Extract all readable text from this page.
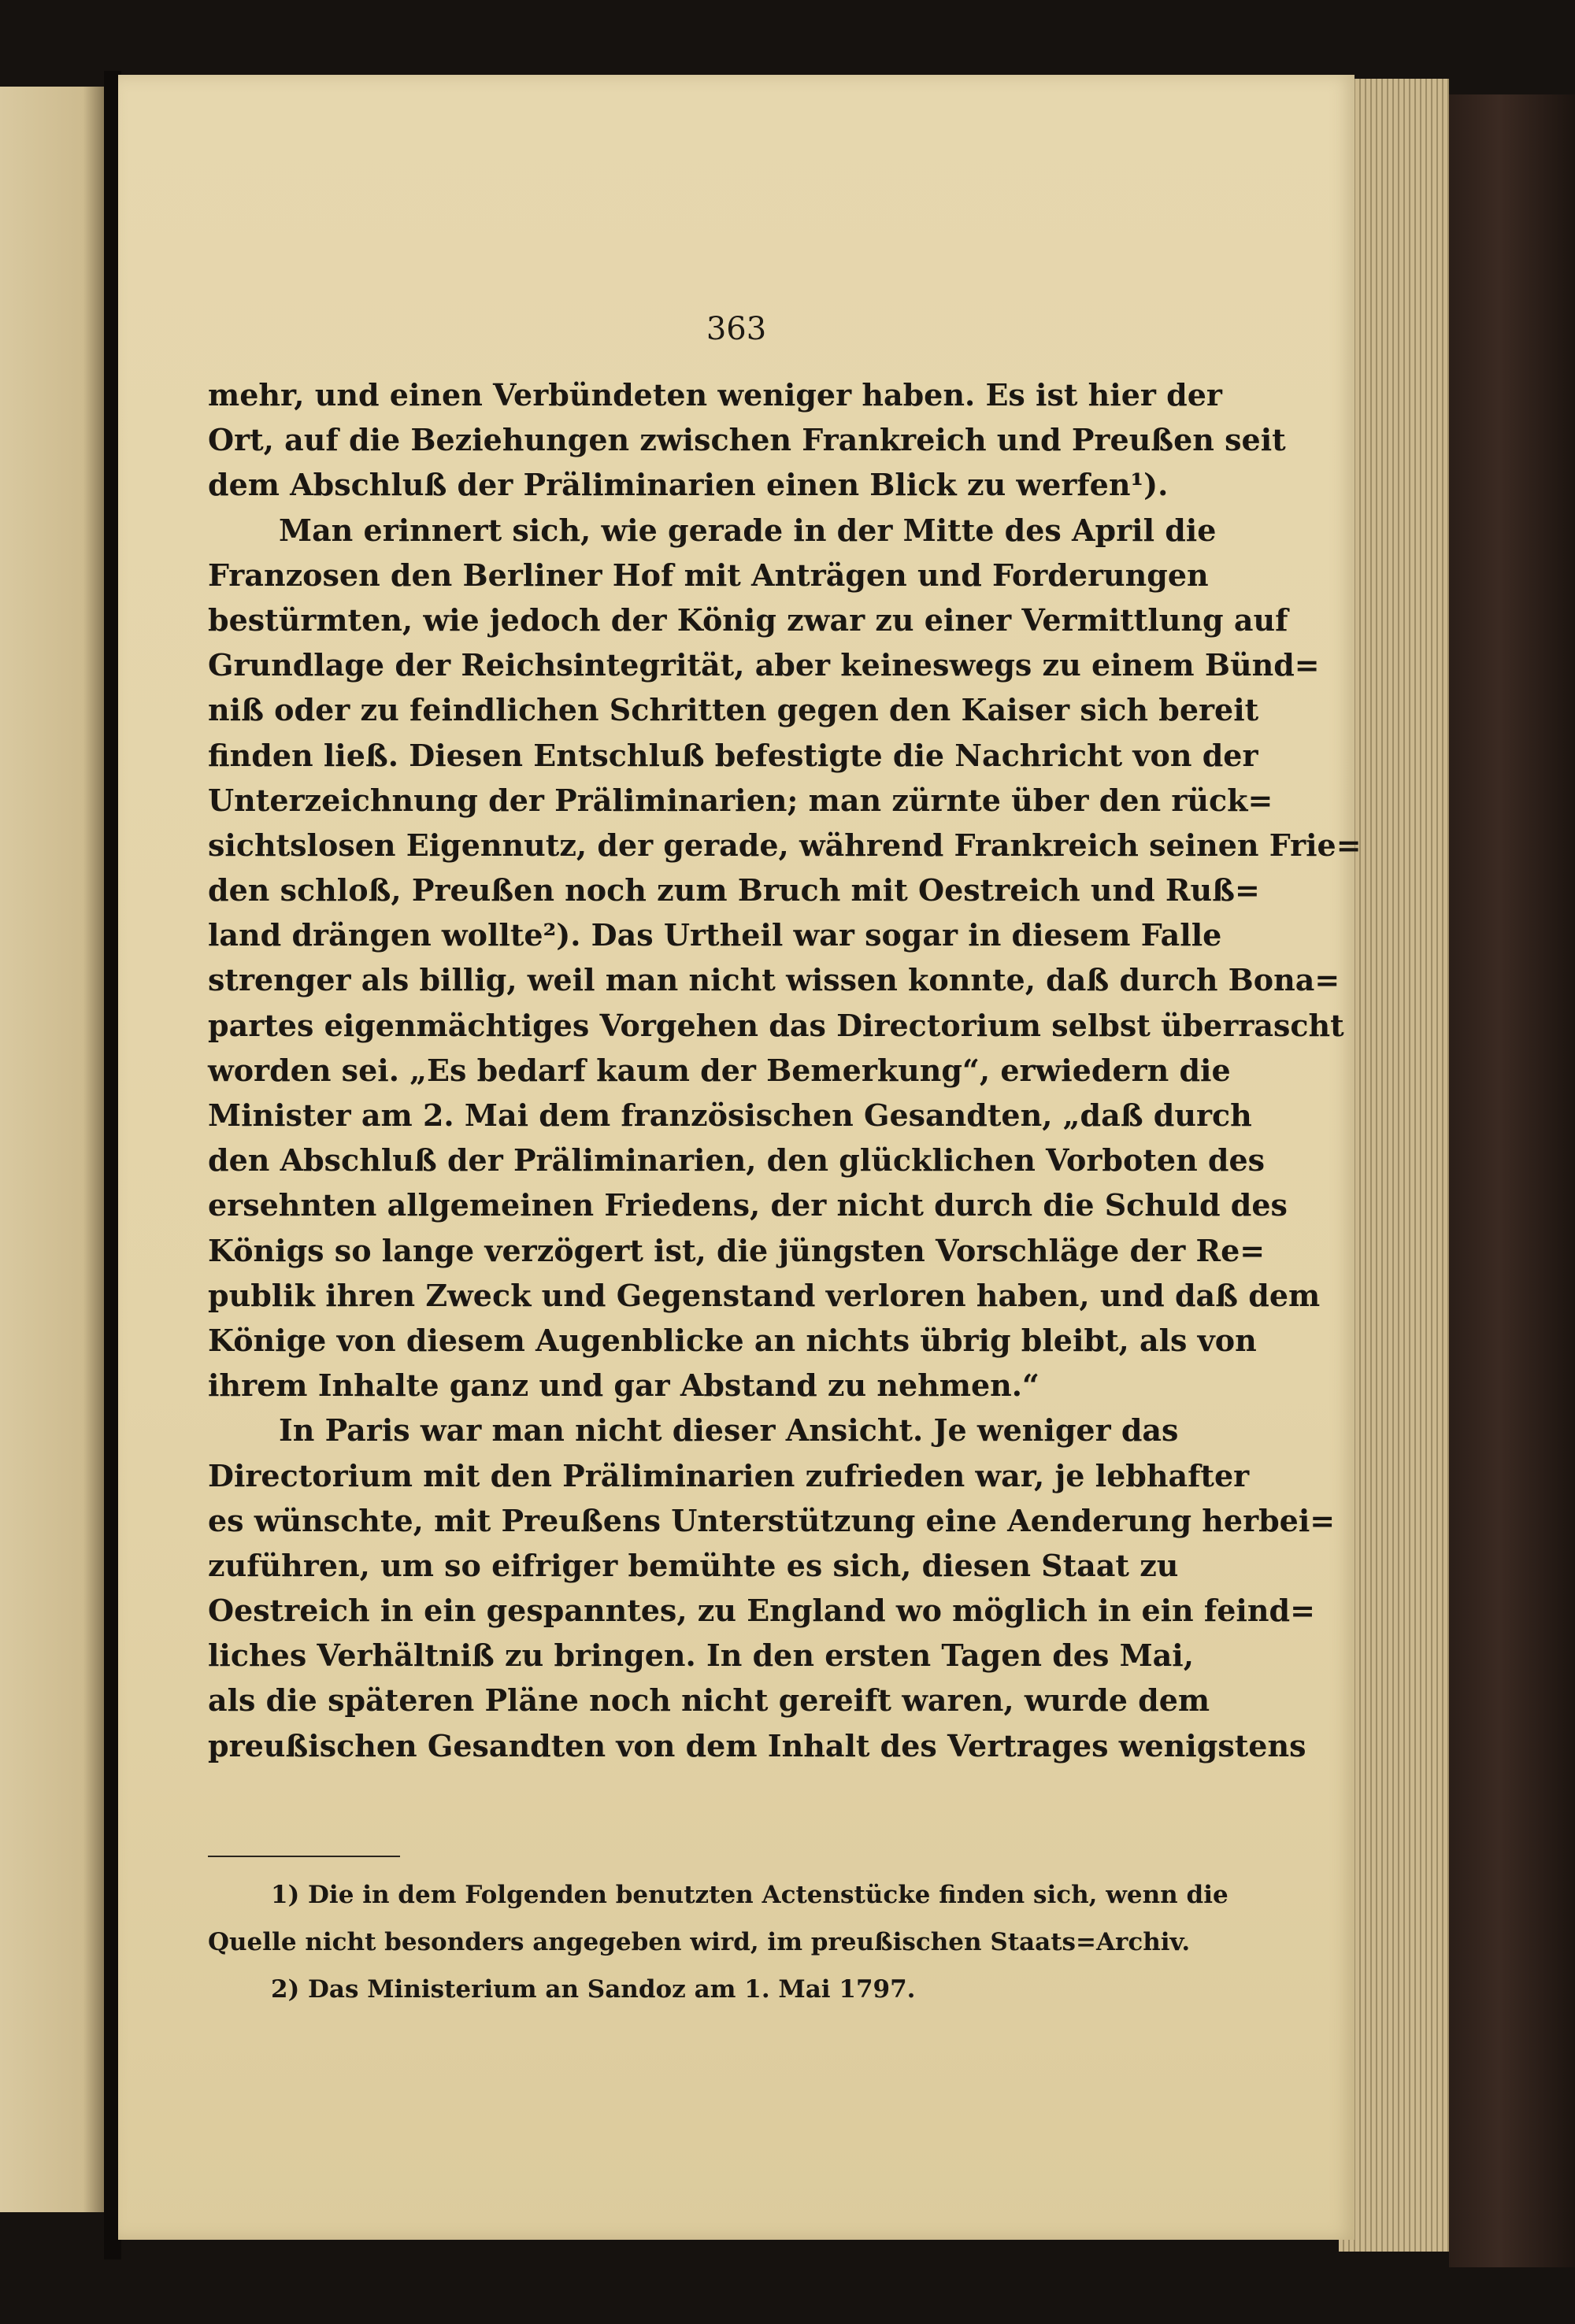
363
mehr, und einen Verbündeten weniger haben. Es ist hier der
Ort, auf die Beziehungen zwischen Frankreich und Preußen seit
dem Abschluß der Präliminarien einen Blick zu werfen¹).
Man erinnert sich, wie gerade in der Mitte des April die
Franzosen den Berliner Hof mit Anträgen und Forderungen
bestürmten, wie jedoch der König zwar zu einer Vermittlung auf
Grundlage der Reichsintegrität, aber keineswegs zu einem Bünd=
niß oder zu feindlichen Schritten gegen den Kaiser sich bereit
finden ließ. Diesen Entschluß befestigte die Nachricht von der
Unterzeichnung der Präliminarien; man zürnte über den rück=
sichtslosen Eigennutz, der gerade, während Frankreich seinen Frie=
den schloß, Preußen noch zum Bruch mit Oestreich und Ruß=
land drängen wollte²). Das Urtheil war sogar in diesem Falle
strenger als billig, weil man nicht wissen konnte, daß durch Bona=
partes eigenmächtiges Vorgehen das Directorium selbst überrascht
worden sei. „Es bedarf kaum der Bemerkung“, erwiedern die
Minister am 2. Mai dem französischen Gesandten, „daß durch
den Abschluß der Präliminarien, den glücklichen Vorboten des
ersehnten allgemeinen Friedens, der nicht durch die Schuld des
Königs so lange verzögert ist, die jüngsten Vorschläge der Re=
publik ihren Zweck und Gegenstand verloren haben, und daß dem
Könige von diesem Augenblicke an nichts übrig bleibt, als von
ihrem Inhalte ganz und gar Abstand zu nehmen.“
In Paris war man nicht dieser Ansicht. Je weniger das
Directorium mit den Präliminarien zufrieden war, je lebhafter
es wünschte, mit Preußens Unterstützung eine Aenderung herbei=
zuführen, um so eifriger bemühte es sich, diesen Staat zu
Oestreich in ein gespanntes, zu England wo möglich in ein feind=
liches Verhältniß zu bringen. In den ersten Tagen des Mai,
als die späteren Pläne noch nicht gereift waren, wurde dem
preußischen Gesandten von dem Inhalt des Vertrages wenigstens
1) Die in dem Folgenden benutzten Actenstücke finden sich, wenn die
Quelle nicht besonders angegeben wird, im preußischen Staats=Archiv.
2) Das Ministerium an Sandoz am 1. Mai 1797.
